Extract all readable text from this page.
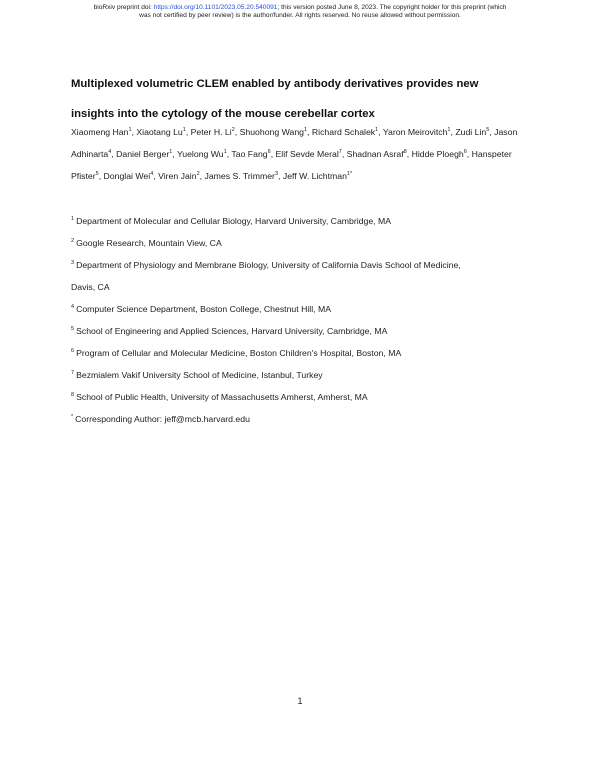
bioRxiv preprint doi: https://doi.org/10.1101/2023.05.20.540091; this version posted June 8, 2023. The copyright holder for this preprint (which
was not certified by peer review) is the author/funder. All rights reserved. No reuse allowed without permission.
Multiplexed volumetric CLEM enabled by antibody derivatives provides new
insights into the cytology of the mouse cerebellar cortex
Xiaomeng Han$^1$, Xiaotang Lu$^1$, Peter H. Li$^2$, Shuohong Wang$^1$, Richard Schalek$^1$, Yaron Meirovitch$^1$, Zudi Lin$^5$, Jason Adhinarta$^4$, Daniel Berger$^1$, Yuelong Wu$^1$, Tao Fang$^6$, Elif Sevde Meral$^7$, Shadnan Asraf$^8$, Hidde Ploegh$^6$, Hanspeter Pfister$^5$, Donglai Wei$^4$, Viren Jain$^2$, James S. Trimmer$^3$, Jeff W. Lichtman$^{1*}$

$^1$ Department of Molecular and Cellular Biology, Harvard University, Cambridge, MA

$^2$ Google Research, Mountain View, CA

$^3$ Department of Physiology and Membrane Biology, University of California Davis School of Medicine,

Davis, CA

$^4$ Computer Science Department, Boston College, Chestnut Hill, MA

$^5$ School of Engineering and Applied Sciences, Harvard University, Cambridge, MA

$^6$ Program of Cellular and Molecular Medicine, Boston Children's Hospital, Boston, MA

$^7$ Bezmialem Vakif University School of Medicine, Istanbul, Turkey

$^8$ School of Public Health, University of Massachusetts Amherst, Amherst, MA

* Corresponding Author: jeff@mcb.harvard.edu

1
